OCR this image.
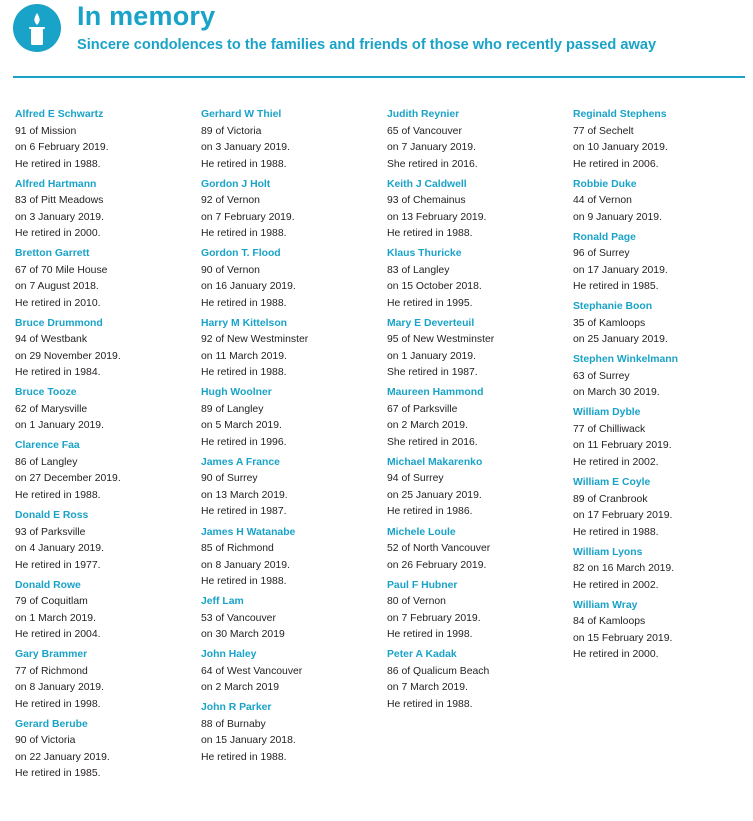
In memory
Sincere condolences to the families and friends of those who recently passed away
Alfred E Schwartz
91 of Mission
on 6 February 2019.
He retired in 1988.
Alfred Hartmann
83 of Pitt Meadows
on 3 January 2019.
He retired in 2000.
Bretton Garrett
67 of 70 Mile House
on 7 August 2018.
He retired in 2010.
Bruce Drummond
94 of Westbank
on 29 November 2019.
He retired in 1984.
Bruce Tooze
62 of Marysville
on 1 January 2019.
Clarence Faa
86 of Langley
on 27 December 2019.
He retired in 1988.
Donald E Ross
93 of Parksville
on 4 January 2019.
He retired in 1977.
Donald Rowe
79 of Coquitlam
on 1 March 2019.
He retired in 2004.
Gary Brammer
77 of Richmond
on 8 January 2019.
He retired in 1998.
Gerard Berube
90 of Victoria
on 22 January 2019.
He retired in 1985.
Gerhard W Thiel
89 of Victoria
on 3 January 2019.
He retired in 1988.
Gordon J Holt
92 of Vernon
on 7 February 2019.
He retired in 1988.
Gordon T. Flood
90 of Vernon
on 16 January 2019.
He retired in 1988.
Harry M Kittelson
92 of New Westminster
on 11 March 2019.
He retired in 1988.
Hugh Woolner
89 of Langley
on 5 March 2019.
He retired in 1996.
James A France
90 of Surrey
on 13 March 2019.
He retired in 1987.
James H Watanabe
85 of Richmond
on 8 January 2019.
He retired in 1988.
Jeff Lam
53 of Vancouver
on 30 March 2019
John Haley
64 of West Vancouver
on 2 March 2019
John R Parker
88 of Burnaby
on 15 January 2018.
He retired in 1988.
Judith Reynier
65 of Vancouver
on 7 January 2019.
She retired in 2016.
Keith J Caldwell
93 of Chemainus
on 13 February 2019.
He retired in 1988.
Klaus Thuricke
83 of Langley
on 15 October 2018.
He retired in 1995.
Mary E Deverteuil
95 of New Westminster
on 1 January 2019.
She retired in 1987.
Maureen Hammond
67 of Parksville
on 2 March 2019.
She retired in 2016.
Michael Makarenko
94 of Surrey
on 25 January 2019.
He retired in 1986.
Michele Loule
52 of North Vancouver
on 26 February 2019.
Paul F Hubner
80 of Vernon
on 7 February 2019.
He retired in 1998.
Peter A Kadak
86 of Qualicum Beach
on 7 March 2019.
He retired in 1988.
Reginald Stephens
77 of Sechelt
on 10 January 2019.
He retired in 2006.
Robbie Duke
44 of Vernon
on 9 January 2019.
Ronald Page
96 of Surrey
on 17 January 2019.
He retired in 1985.
Stephanie Boon
35 of Kamloops
on 25 January 2019.
Stephen Winkelmann
63 of Surrey
on March 30 2019.
William Dyble
77 of Chilliwack
on 11 February 2019.
He retired in 2002.
William E Coyle
89 of Cranbrook
on 17 February 2019.
He retired in 1988.
William Lyons
82 on 16 March 2019.
He retired in 2002.
William Wray
84 of Kamloops
on 15 February 2019.
He retired in 2000.
